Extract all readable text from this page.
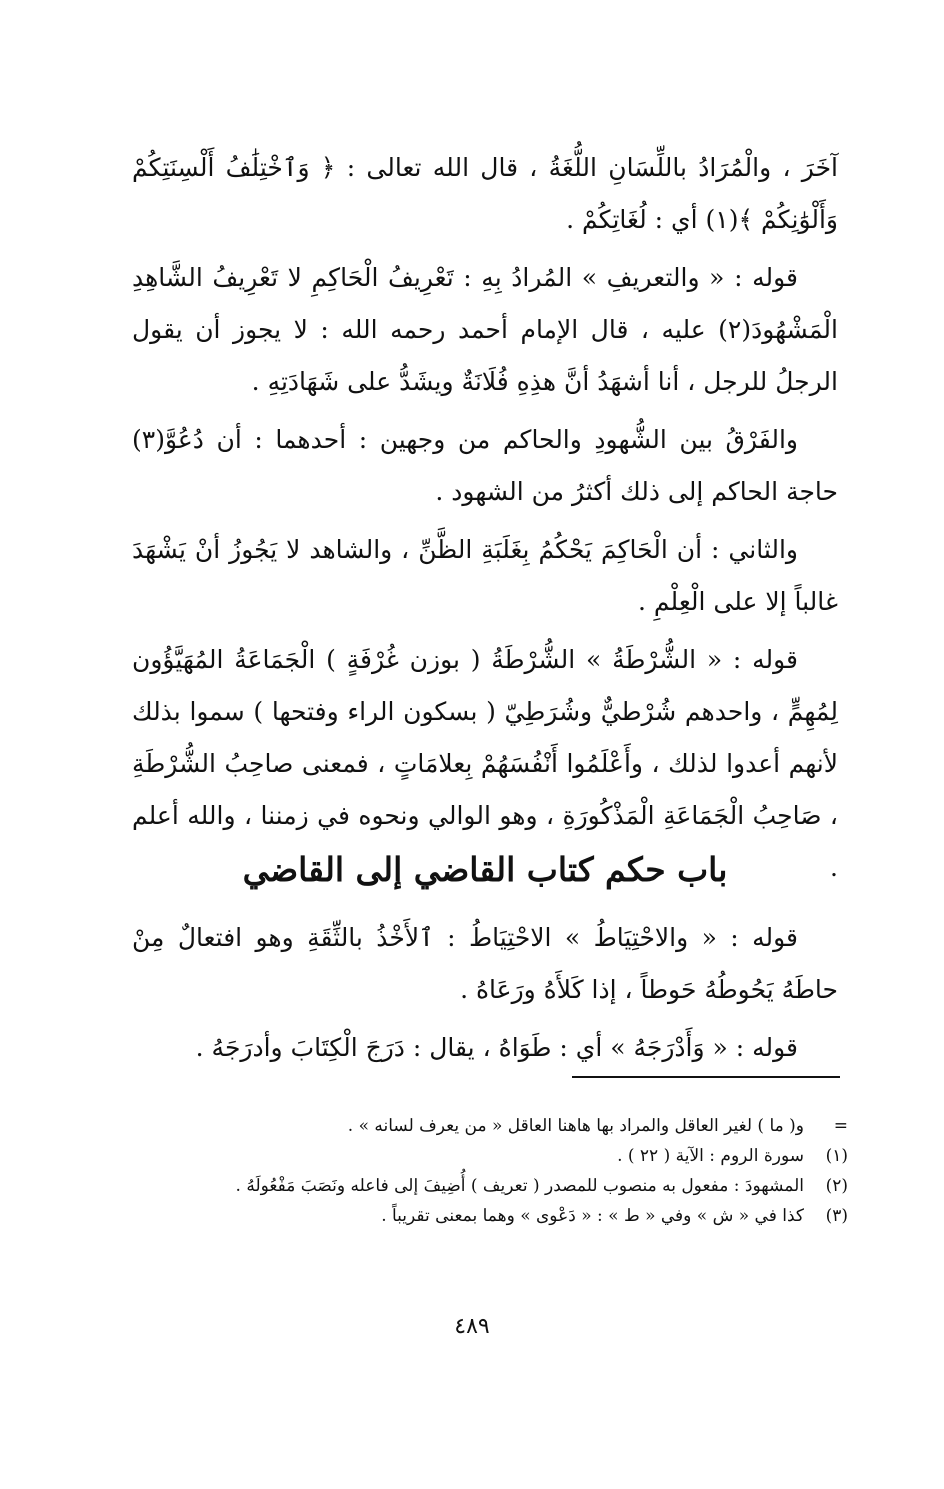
آخَرَ ، والْمُرَادُ باللِّسَانِ اللُّغَةُ ، قال الله تعالى : ﴿ وَٱخْتِلَٰفُ أَلْسِنَتِكُمْ وَأَلْوَٰنِكُمْ ﴾(١) أي : لُغَاتِكُمْ .

قوله : « والتعريفِ » المُرادُ بِهِ : تَعْرِيفُ الْحَاكِمِ لا تَعْرِيفُ الشَّاهِدِ الْمَشْهُودَ(٢) عليه ، قال الإمام أحمد رحمه الله : لا يجوز أن يقول الرجلُ للرجل ، أنا أشهَدُ أنَّ هذِهِ فُلَانَةٌ ويشَدُّ على شَهَادَتِهِ .

والفَرْقُ بين الشُّهودِ والحاكم من وجهين : أحدهما : أن دُعُوَّ(٣) حاجة الحاكم إلى ذلك أكثرُ من الشهود .

والثاني : أن الْحَاكِمَ يَحْكُمُ بِغَلَبَةِ الظَّنِّ ، والشاهد لا يَجُوزُ أنْ يَشْهَدَ غالباً إلا على الْعِلْمِ .

قوله : « الشُّرْطَةُ » الشُّرْطَةُ ( بوزن غُرْفَةٍ ) الْجَمَاعَةُ المُهَيَّؤُون لِمُهِمٍّ ، واحدهم شُرْطيٌّ وشُرَطِيّ ( بسكون الراء وفتحها ) سموا بذلك لأنهم أعدوا لذلك ، وأَعْلَمُوا أَنْفُسَهُمْ بِعلامَاتٍ ، فمعنى صاحِبُ الشُّرْطَةِ ، صَاحِبُ الْجَمَاعَةِ الْمَذْكُورَةِ ، وهو الوالي ونحوه في زمننا ، والله أعلم .

باب حكم كتاب القاضي إلى القاضي

قوله : « والاحْتِيَاطُ » الاحْتِيَاطُ : ٱلأَخْذُ بالثِّقَةِ وهو افتعالٌ مِنْ حاطَهُ يَحُوطُهُ حَوطاً ، إذا كَلأَهُ ورَعَاهُ .

قوله : « وَأَدْرَجَهُ » أي : طَوَاهُ ، يقال : دَرَجَ الْكِتَابَ وأدرَجَهُ .

=
و( ما ) لغير العاقل والمراد بها هاهنا العاقل « من يعرف لسانه » .
(١)
سورة الروم : الآية ( ٢٢ ) .
(٢)
المشهودَ : مفعول به منصوب للمصدر ( تعريف ) أُضِيفَ إلى فاعله ونَصَبَ مَفْعُولَهُ .
(٣)
كذا في « ش » وفي « ط » : « دَعْوى » وهما بمعنى تقريباً .
٤٨٩
